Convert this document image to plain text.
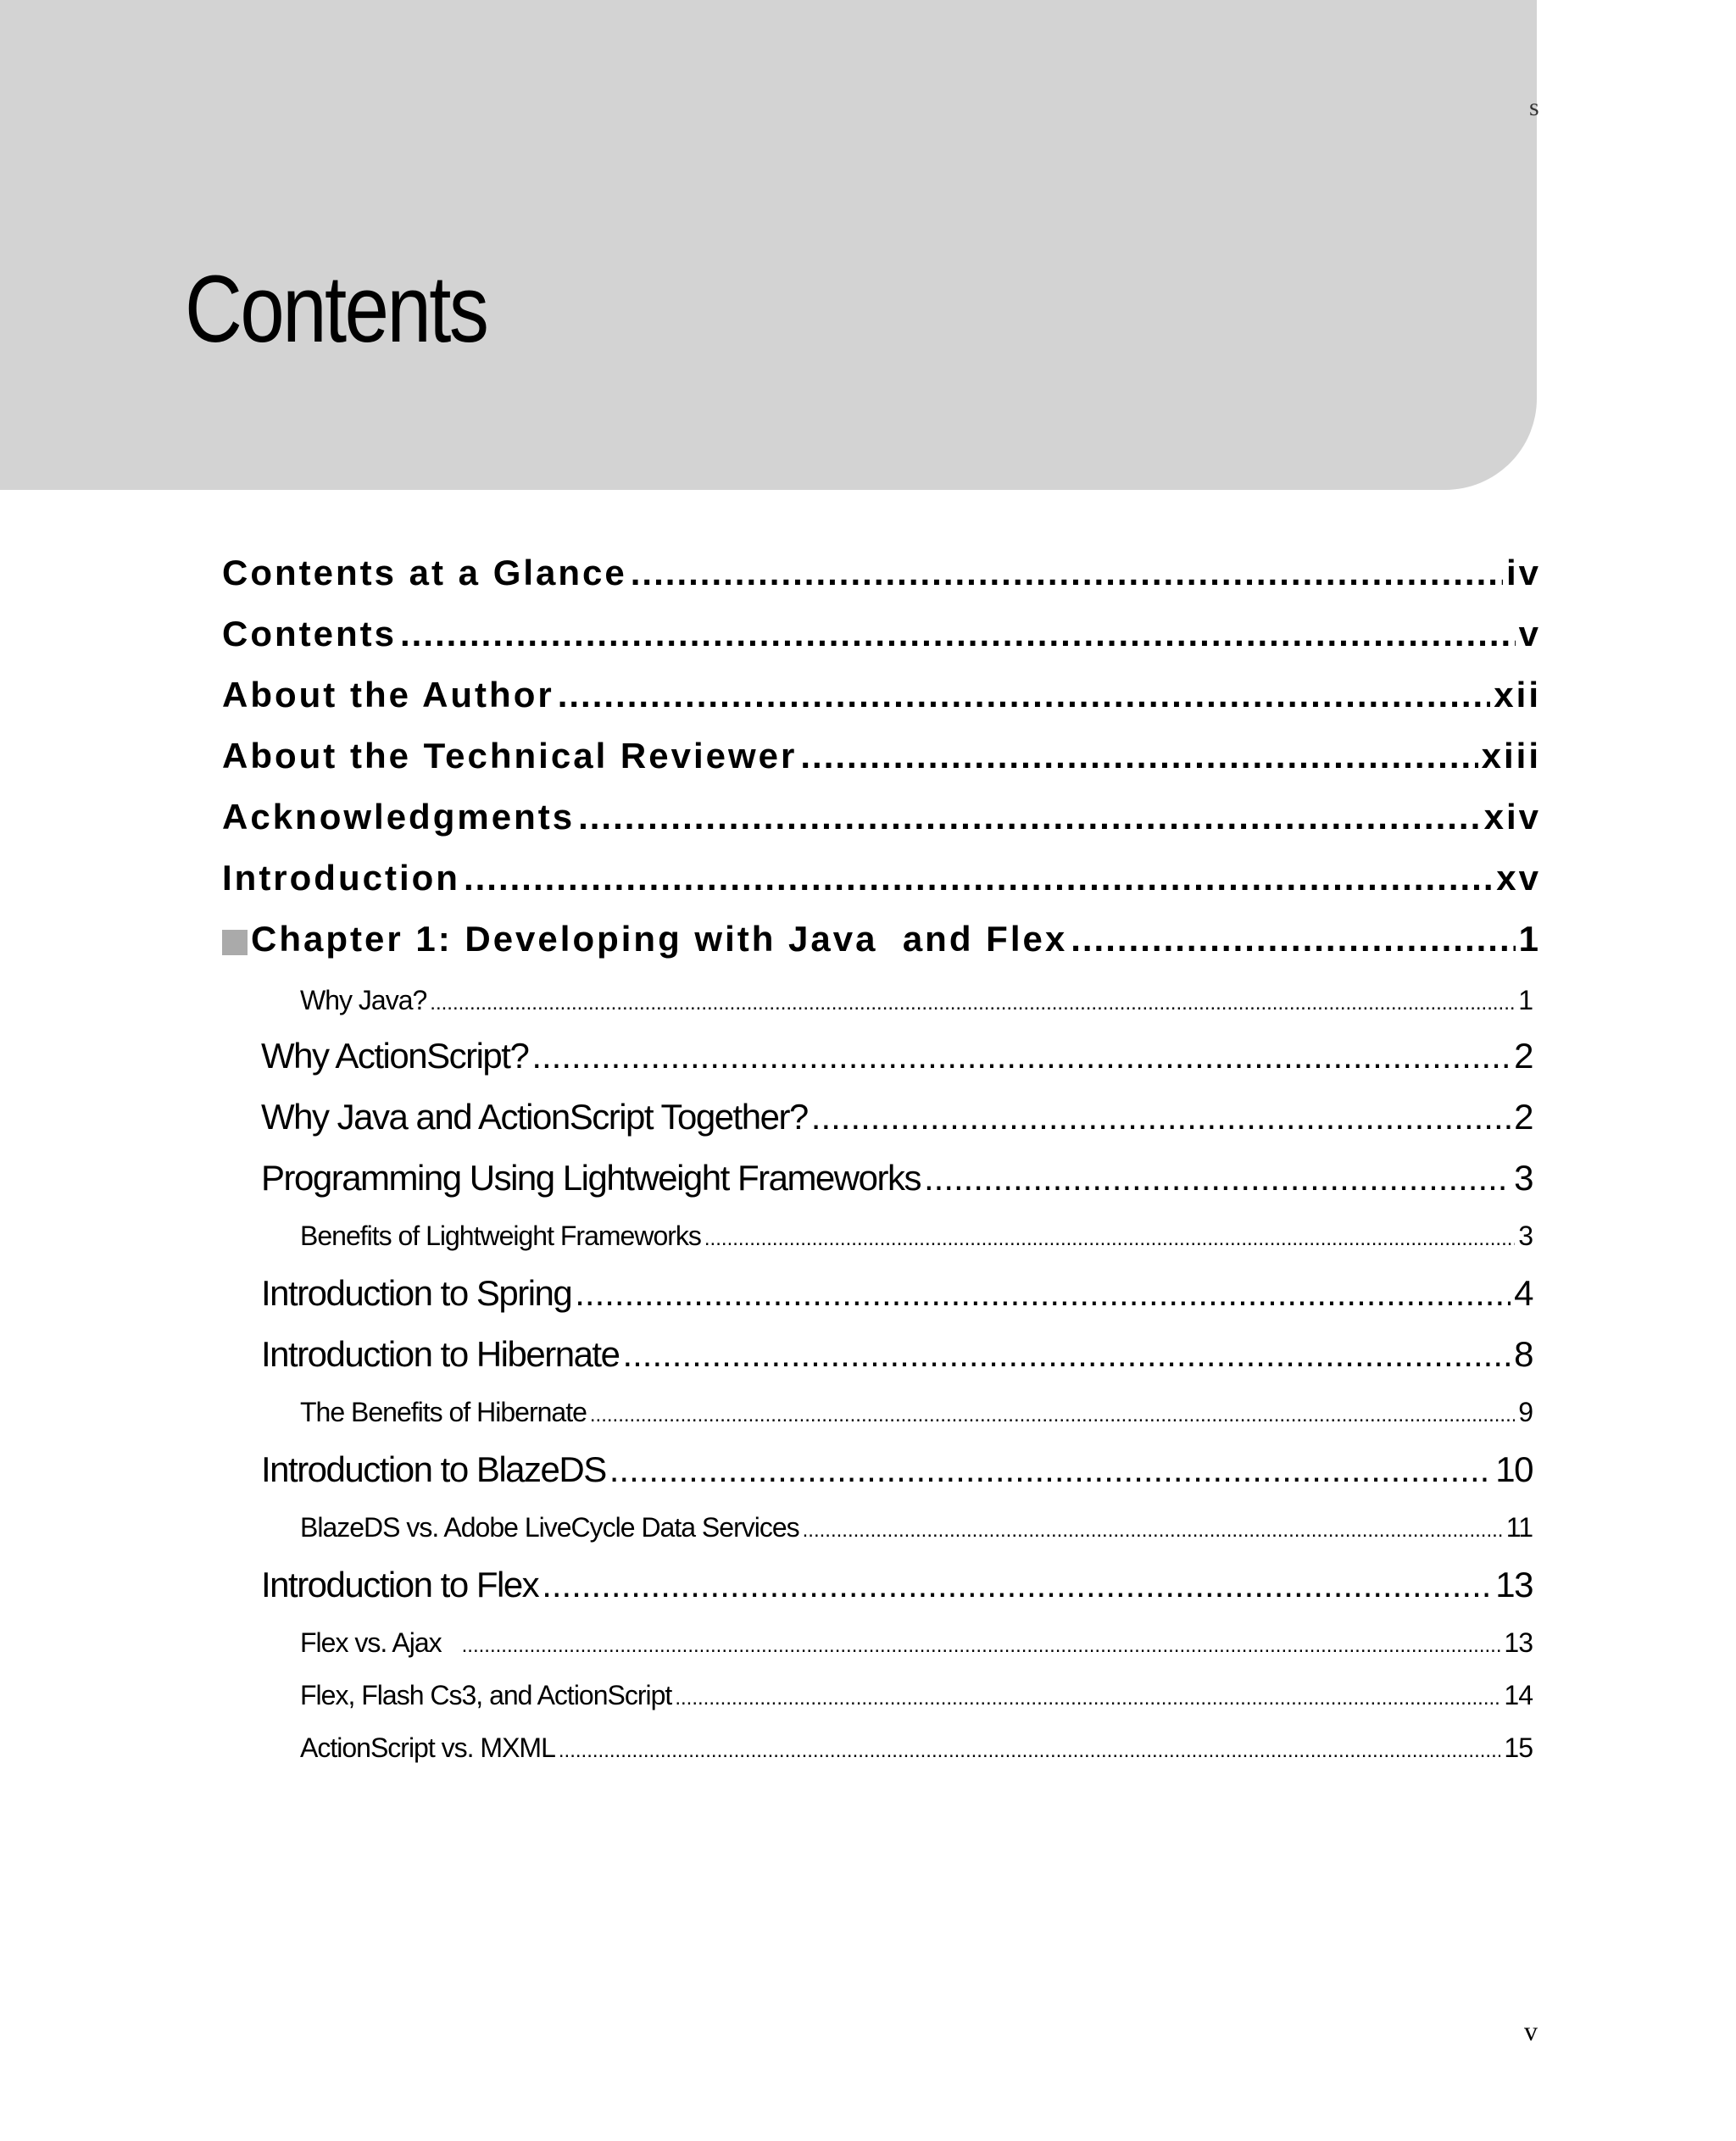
s
Contents
Contents at a Glance .....	iv
Contents .....	v
About the Author .....	xii
About the Technical Reviewer .....	xiii
Acknowledgments .....	xiv
Introduction .....	xv
Chapter 1: Developing with Java  and Flex .....	1
Why Java? .....	1
Why ActionScript? .....	2
Why Java and ActionScript Together? .....	2
Programming Using Lightweight Frameworks .....	3
Benefits of Lightweight Frameworks .....	3
Introduction to Spring .....	4
Introduction to Hibernate .....	8
The Benefits of Hibernate .....	9
Introduction to BlazeDS .....	10
BlazeDS vs. Adobe LiveCycle Data Services .....	11
Introduction to Flex .....	13
Flex vs. Ajax .....	13
Flex, Flash Cs3, and ActionScript .....	14
ActionScript vs. MXML .....	15
v
